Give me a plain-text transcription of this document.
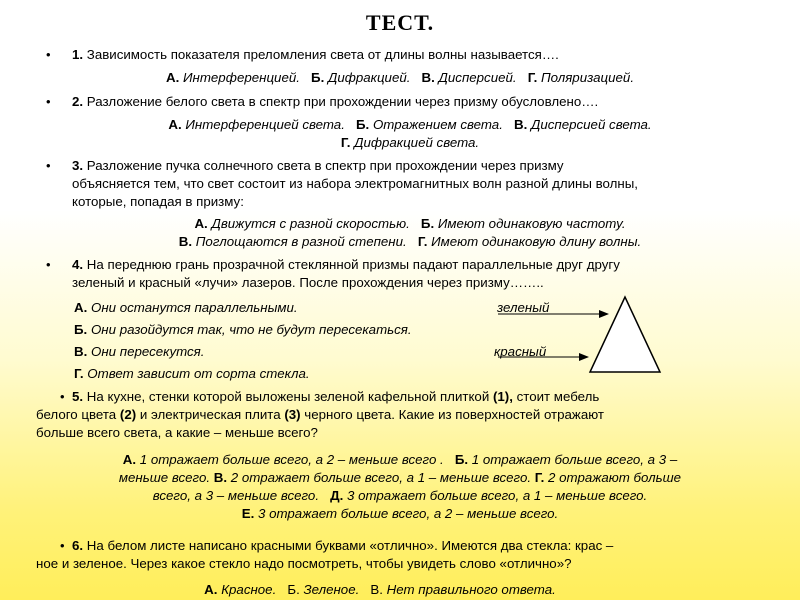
ТЕСТ.
• 1. Зависимость показателя преломления света от длины волны называется….
А. Интерференцией. Б. Дифракцией. В. Дисперсией. Г. Поляризацией.
• 2. Разложение белого света в спектр при прохождении через призму обусловлено….
А. Интерференцией света. Б. Отражением света. В. Дисперсией света.
Г. Дифракцией света.
• 3. Разложение пучка солнечного света в спектр при прохождении через призму
объясняется тем, что свет состоит из набора электромагнитных волн разной длины волны,
которые, попадая в призму:
А. Движутся с разной скоростью. Б. Имеют одинаковую частоту.
В. Поглощаются в разной степени. Г. Имеют одинаковую длину волны.
• 4. На переднюю грань прозрачной стеклянной призмы падают параллельные друг другу
зеленый и красный «лучи» лазеров. После прохождения через призму……..
А. Они останутся параллельными.
Б. Они разойдутся так, что не будут пересекаться.
В. Они пересекутся.
Г. Ответ зависит от сорта стекла.
зеленый
красный
• 5. На кухне, стенки которой выложены зеленой кафельной плиткой (1), стоит мебель
белого цвета (2) и электрическая плита (3) черного цвета. Какие из поверхностей отражают
больше всего света, а какие – меньше всего?
А. 1 отражает больше всего, а 2 – меньше всего . Б. 1 отражает больше всего, а 3 –
меньше всего. В. 2 отражает больше всего, а 1 – меньше всего. Г. 2 отражают больше
всего, а 3 – меньше всего. Д. 3 отражает больше всего, а 1 – меньше всего.
Е. 3 отражает больше всего, а 2 – меньше всего.
• 6. На белом листе написано красными буквами «отлично». Имеются два стекла: крас –
ное и зеленое. Через какое стекло надо посмотреть, чтобы увидеть слово «отлично»?
А. Красное. Б. Зеленое. В. Нет правильного ответа.
